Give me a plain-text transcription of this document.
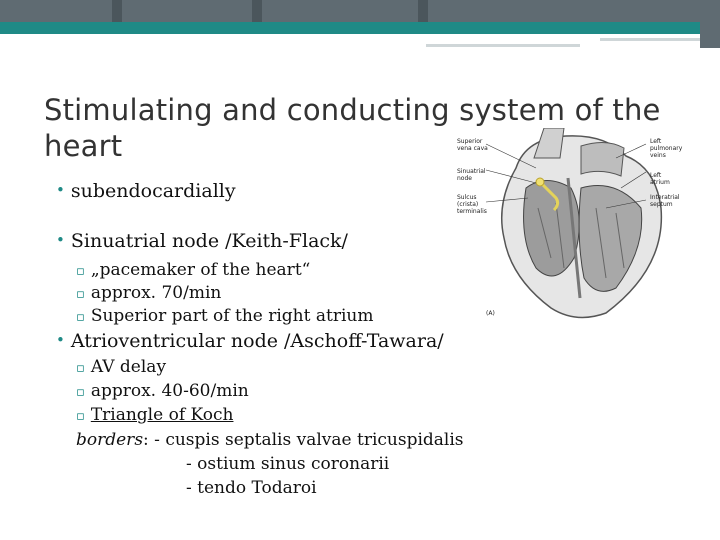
Stimulating and conducting system of the heart	Superior
vena cava
Sinuatrial
node
Sulcus
(crista)
terminalis
Left pulmonary
veins
Left
atrium
Interatrial
septum
(A)
• subendocardially
• Sinuatrial node /Keith-Flack/
▫ „pacemaker of the heart“
▫ approx. 70/min
▫ Superior part of the right atrium
• Atrioventricular node /Aschoff-Tawara/
▫ AV delay
▫ approx. 40-60/min
▫ Triangle of Koch
borders: - cuspis septalis valvae tricuspidalis
- ostium sinus coronarii
- tendo Todaroi
